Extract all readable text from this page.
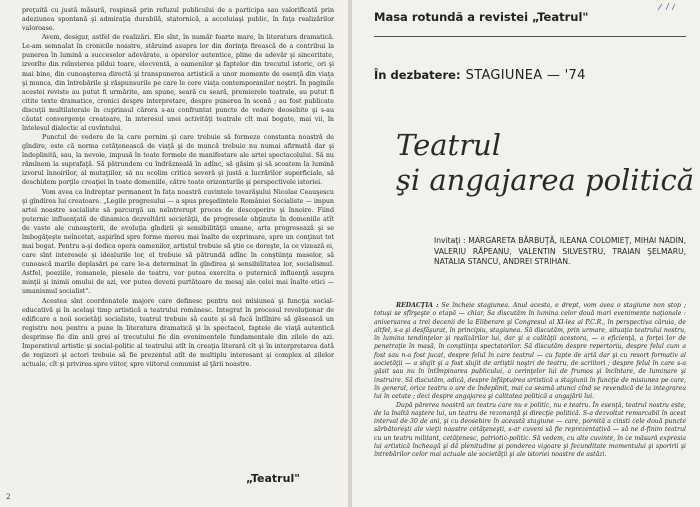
preţuită cu justă măsură, respinsă prin refuzul publicului de a participa sau valorificată prin adeziunea spontană şi admiraţia durabilă, statornică, a acceluiaşi public, în faţa realizărilor valoroase.

Avem, desigur, astfel de realizări. Ele sînt, în număr foarte mare, în literatura dramatică. Le-am semnalat în cronicile noastre, stăruind asupra lor din dorinţa firească de a contribui la punerea în lumină a succeselor adevărate, a operelor autentice, pline de adevăr şi sinceritate, izvorîte din reînvierea pildui toare, elocventă, a oamenilor şi faptelor din trecutul istoric, ori şi mai bine, din cunoaşterea directă şi transpunerea artistică a unor momente de esenţă din viaţa şi munca, din întrebările şi răspunsurile pe care le cere viaţa contemporanilor noştri. În paginile acestei reviste au putut fi urmărite, am spune, seară cu seară, premierele teatrale, au putut fi citite texte dramatice, cronici despre interpretare, despre punerea în scenă ; au fost publicate discuţii multilaterale în cuprinsul cărora s-au confruntat puncte de vedere deosebite şi s-au căutat convergenţe creatoare, în interesul unei activităţi teatrale cît mai bogate, mai vii, în întelesul dialectic al cuvîntului.

Punctul de vedere de la care pornim şi care trebuie să formeze constanta noastră de gîndire, este că norma cetăţenească de viaţă şi de muncă trebuie nu numai afirmată dar şi îndeplinită, sau, la nevoie, impusă în toate formele de manifestare ale artei spectacolului. Să nu rămînem la suprafaţă. Să pătrundem cu îndrăzneală în adînc, să găsim şi să scoatem la lumină izvorul înnoirilor, al mutaţiilor, să nu ocolim critica severă şi justă a lucrărilor superficiale, să deschidem porţile creaţiei în toate domeniile, către toate orizonturile şi perspectivele istoriei.

Vom avea ca îndreptar permanent în fața noastră cuvintele tovarăşului Nicolae Ceauşescu şi gîndirea lui creatoare. „Legile progresului — a spus preşedintele României Socialiste — impun artei noastre socialiste să parcurgă un neîntrerupt proces de descoperire şi înnoire. Fiind puternic influenţată de dinamica dezvoltării societăţii, de progresele obţinute în domeniile atît de vaste ale cunoaşterii, de evoluţia gîndirii şi sensibilităţii umane, arta progresează şi se îmbogăţeşte neîncetat, aspirînd spre forme mereu mai înalte de exprimare, spre un conţinut tot mai bogat. Pentru a-şi dedica opera oamenilor, artistul trebuie să ştie ce doreşte, la ce vizează ei, care sînt interesele şi idealurile lor, el trebuie să pătrundă adînc în conştiinţa maselor, să cunoască marile deplasări pe care le-a determinat în gîndirea şi sensibilitatea lor, socialismul. Astfel, poeziile, romanele, piesele de teatru, vor putea exercita o puternică influenţă asupra minţii şi inimii omului de azi, vor putea deveni purtătoare de mesaj ale celei mai înalte etici — umanismul socialist".

Acestea sînt coordonatele majore care definesc pentru noi misiunea şi funcţia social-educativă şi în acelaşi timp artistică a teatrului românesc. Integrat în procesul revoluţionar de edificare a noii societăţi socialiste, teatrul trebuie să caute şi să facă întîlnire să găsească un registru nou pentru a pune în literatura dramatică şi în spectacol, faptele de viaţă autentică desprinse fie din anii grei ai trecutului fie din evenimentele fundamentale din zilele de azi. Imperativul artistic şi social-politic al teatrului atît în creaţia literară cît şi în interpretarea dată de regizori şi actori trebuie să fie prezentul atît de multiplu interesant şi complex al zilelor actuale, cît şi privirea spre viitor, spre viitorul comunist al ţării noastre.

„Teatrul"
2
Masa rotundă a revistei „Teatrul"
În dezbatere: STAGIUNEA — '74
Teatrul
şi angajarea politică
Invitaţi : MARGARETA BĂRBUŢĂ, ILEANA COLOMIEŢ, MIHAI NADIN, VALERIU RĂPEANU, VALENTIN SILVESTRU, TRAIAN ŞELMARU, NATALIA STANCU, ANDREI STRIHAN.

REDACŢIA : Se încheie stagiunea. Anul acesta, e drept, vom avea o stagiune non stop ; totuşi se sfîrşeşte o etapă — chiar, Sa discutăm în lumina celor două mari evenimente naţionale : aniversarea a trei decenii de la Eliberare şi Congresul al XI-lea al P.C.R., în perspectiva căruia, de altfel, s-a şi desfăşurat, în principiu, stagiunea. Să discutăm, prin urmare, situaţia teatrului nostru, în lumina tendinţelor şi realizărilor lui, dar şi a calităţii acestora, — o eficienţă, a forţei lor de penetraţie în masă, în conştiinţa spectatorilor. Să discutăm despre repertoriu, despre felul cum a fost sau n-a fost jucat, despre felul în care teatrul — cu fapte de artă dar şi cu resort formativ al societăţii — a slujit şi a fost slujit de artiştii noştri de teatru, de scriitori ; despre felul în care s-a găsit sau nu în întîmpinarea publicului, a cerinţelor lui de frumos şi încîntare, de luminare şi instruire. Să discutăm, adică, despre înfăptuirea artistică a stagiunii în funcţie de misiunea pe care, în general, orice teatru o are de îndeplinit, mai ca seamă atunci cînd se revendică de la integrarea lui în cetate ; deci despre angajarea şi calitatea politică a angajării lui.

După părerea noastră un teatru care nu e politic, nu e teatru. În esenţă, teatrul nostru este, de la înaltă naştere lui, un teatru de rezonanţă şi direcţie politică. S-a dezvoltat remarcabil în acest interval de 30 de ani, şi cu deosebire în această stagiune — care, pornită a cinsti cele două puncte sărbătoreşti ale vieţii noastre cetăţeneşti, s-ar cuveni să fie reprezentativă — să ne d-finim teatrul cu un teatru militant, cetăţenesc, patriotic-politic. Să vedem, cu alte cuvinte, în ce măsură expresia lui artistică încheagă şi dă plenitudine şi ponderea vigoare şi fecunditate momentului şi sporirii şi întrebărilor celor mai actuale ale societăţii şi ale istoriei noastre de astăzi.
